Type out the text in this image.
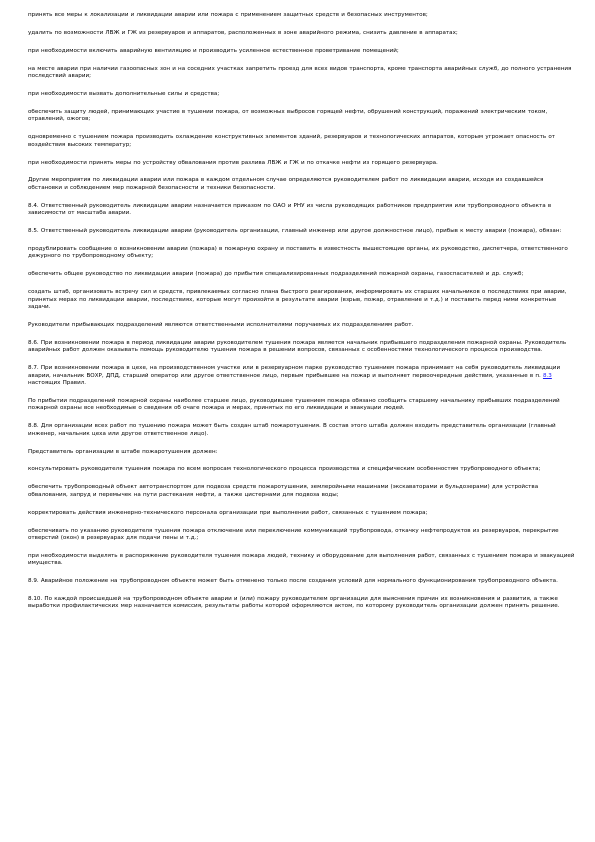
принять все меры к локализации и ликвидации аварии или пожара с применением защитных средств и безопасных инструментов;

удалить по возможности ЛВЖ и ГЖ из резервуаров и аппаратов, расположенных в зоне аварийного режима, снизить давление в аппаратах;

при необходимости включить аварийную вентиляцию и производить усиленное естественное проветривание помещений;

на месте аварии при наличии газоопасных зон и на соседних участках запретить проезд для всех видов транспорта, кроме транспорта аварийных служб, до полного устранения последствий аварии;

при необходимости вызвать дополнительные силы и средства;

обеспечить защиту людей, принимающих участие в тушении пожара, от возможных выбросов горящей нефти, обрушений конструкций, поражений электрическим током, отравлений, ожогов;

одновременно с тушением пожара производить охлаждение конструктивных элементов зданий, резервуаров и технологических аппаратов, которым угрожает опасность от воздействия высоких температур;

при необходимости принять меры по устройству обвалования против разлива ЛВЖ и ГЖ и по откачке нефти из горящего резервуара.

Другие мероприятия по ликвидации аварии или пожара в каждом отдельном случае определяются руководителем работ по ликвидации аварии, исходя из создавшейся обстановки и соблюдением мер пожарной безопасности и техники безопасности.

8.4. Ответственный руководитель ликвидации аварии назначается приказом по ОАО и РНУ из числа руководящих работников предприятия или трубопроводного объекта в зависимости от масштаба аварии.

8.5. Ответственный руководитель ликвидации аварии (руководитель организации, главный инженер или другое должностное лицо), прибыв к месту аварии (пожара), обязан:

продублировать сообщение о возникновении аварии (пожара) в пожарную охрану и поставить в известность вышестоящие органы, их руководство, диспетчера, ответственного дежурного по трубопроводному объекту;

обеспечить общее руководство по ликвидации аварии (пожара) до прибытия специализированных подразделений пожарной охраны, газоспасателей и др. служб;

создать штаб, организовать встречу сил и средств, привлекаемых согласно плана быстрого реагирования, информировать их старших начальников о последствиях при аварии, принятых мерах по ликвидации аварии, последствиях, которые могут произойти в результате аварии (взрыв, пожар, отравление и т.д.) и поставить перед ними конкретные задачи.

Руководители прибывающих подразделений являются ответственными исполнителями поручаемых их подразделениям работ.

8.6. При возникновении пожара в период ликвидации аварии руководителем тушения пожара является начальник прибывшего подразделения пожарной охраны. Руководитель аварийных работ должен оказывать помощь руководителю тушения пожара в решении вопросов, связанных с особенностями технологического процесса производства.

8.7. При возникновении пожара в цехе, на производственном участке или в резервуарном парке руководство тушением пожара принимает на себя руководитель ликвидации аварии, начальник ВОХР, ДПД, старший оператор или другое ответственное лицо, первым прибывшее на пожар и выполняет первоочередные действия, указанные в п. 8.3 настоящих Правил.

По прибытии подразделений пожарной охраны наиболее старшее лицо, руководившее тушением пожара обязано сообщить старшему начальнику прибывших подразделений пожарной охраны все необходимые о сведения об очаге пожара и мерах, принятых по его ликвидации и эвакуации людей.

8.8. Для организации всех работ по тушению пожара может быть создан штаб пожаротушения. В состав этого штаба должен входить представитель организации (главный инженер, начальник цеха или другое ответственное лицо).

Представитель организации в штабе пожаротушения должен:

консультировать руководителя тушения пожара по всем вопросам технологического процесса производства и специфическим особенностям трубопроводного объекта;

обеспечить трубопроводный объект автотранспортом для подвоза средств пожаротушения, землеройными машинами (экскаваторами и бульдозерами) для устройства обвалования, запруд и перемычек на пути растекания нефти, а также цистернами для подвоза воды;

корректировать действия инженерно-технического персонала организации при выполнении работ, связанных с тушением пожара;

обеспечивать по указанию руководителя тушения пожара отключение или переключение коммуникаций трубопровода, откачку нефтепродуктов из резервуаров, перекрытие отверстий (окон) в резервуарах для подачи пены и т.д.;

при необходимости выделять в распоряжение руководителя тушения пожара людей, технику и оборудование для выполнения работ, связанных с тушением пожара и эвакуацией имущества.

8.9. Аварийное положение на трубопроводном объекте может быть отменено только после создания условий для нормального функционирования трубопроводного объекта.

8.10. По каждой происшедшей на трубопроводном объекте аварии и (или) пожару руководителем организации для выяснения причин их возникновения и развития, а также выработки профилактических мер назначается комиссия, результаты работы которой оформляются актом, по которому руководитель организации должен принять решение.
